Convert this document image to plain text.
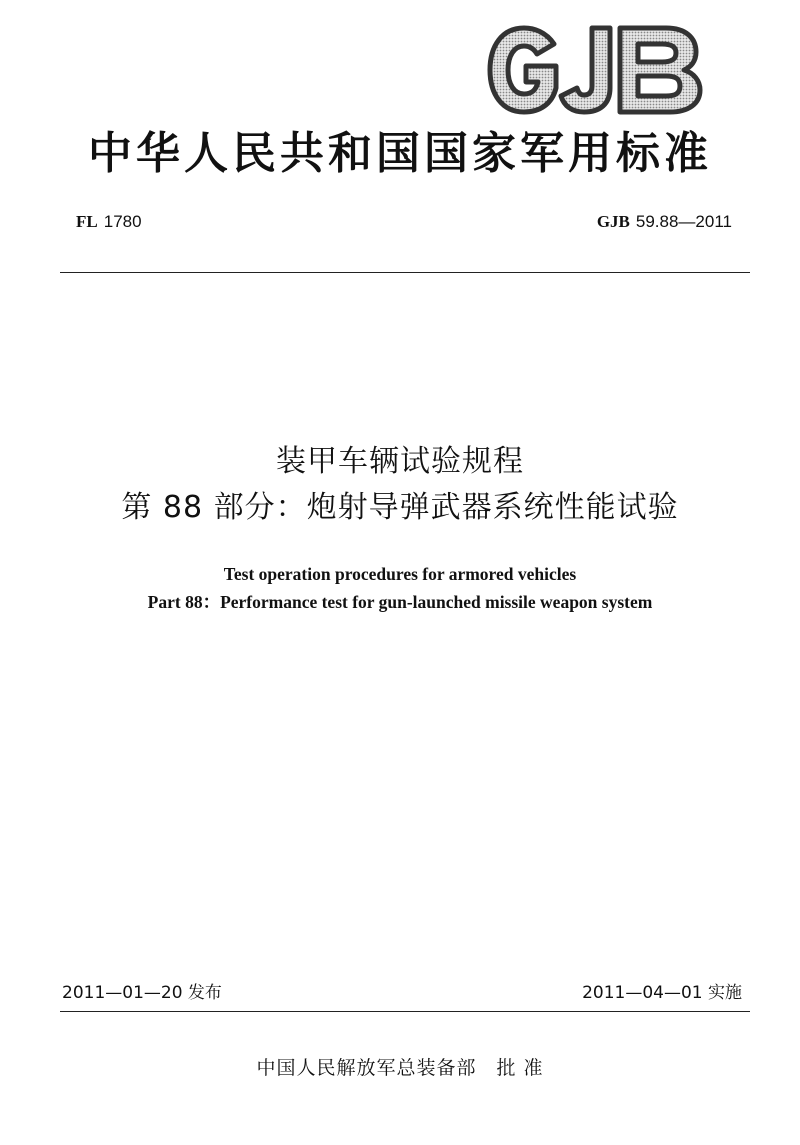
中华人民共和国国家军用标准
FL 1780	GJB 59.88—2011
装甲车辆试验规程
第 88 部分：炮射导弹武器系统性能试验
Test operation procedures for armored vehicles
Part 88：Performance test for gun-launched missile weapon system
2011—01—20 发布	2011—04—01 实施
中国人民解放军总装备部　批 准
